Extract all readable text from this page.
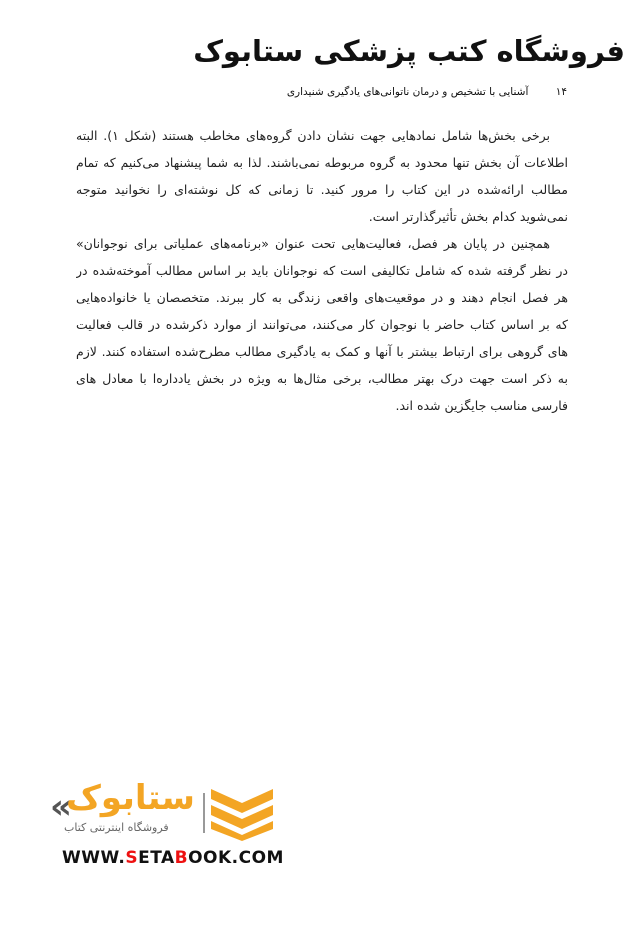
فروشگاه کتب پزشکی ستابوک
۱۴ آشنایی با تشخیص و درمان ناتوانی‌های یادگیری شنیداری
برخی بخش‌ها شامل نمادهایی جهت نشان دادن گروه‌های مخاطب هستند (شکل ۱). البته
اطلاعات آن بخش تنها محدود به گروه مربوطه نمی‌باشند. لذا به شما پیشنهاد می‌کنیم که تمام
مطالب ارائه‌شده در این کتاب را مرور کنید. تا زمانی که کل نوشته‌ای را نخوانید متوجه
نمی‌شوید کدام بخش تأثیرگذارتر است.
همچنین در پایان هر فصل، فعالیت‌هایی تحت عنوان «برنامه‌های عملیاتی برای نوجوانان»
در نظر گرفته شده که شامل تکالیفی است که نوجوانان باید بر اساس مطالب آموخته‌شده در
هر فصل انجام دهند و در موقعیت‌های واقعی زندگی به کار ببرند. متخصصان یا خانواده‌هایی
که بر اساس کتاب حاضر با نوجوان کار می‌کنند، می‌توانند از موارد ذکرشده در قالب فعالیت
های گروهی برای ارتباط بیشتر با آنها و کمک به یادگیری مطالب مطرح‌شده استفاده کنند. لازم
به ذکر است جهت درک بهتر مطالب، برخی مثال‌ها به ویژه در بخش یادداره‌ا با معادل های
فارسی مناسب جایگزین شده اند.
« ستابوک
فروشگاه اینترنتی کتاب
WWW.SETABOOK.COM
